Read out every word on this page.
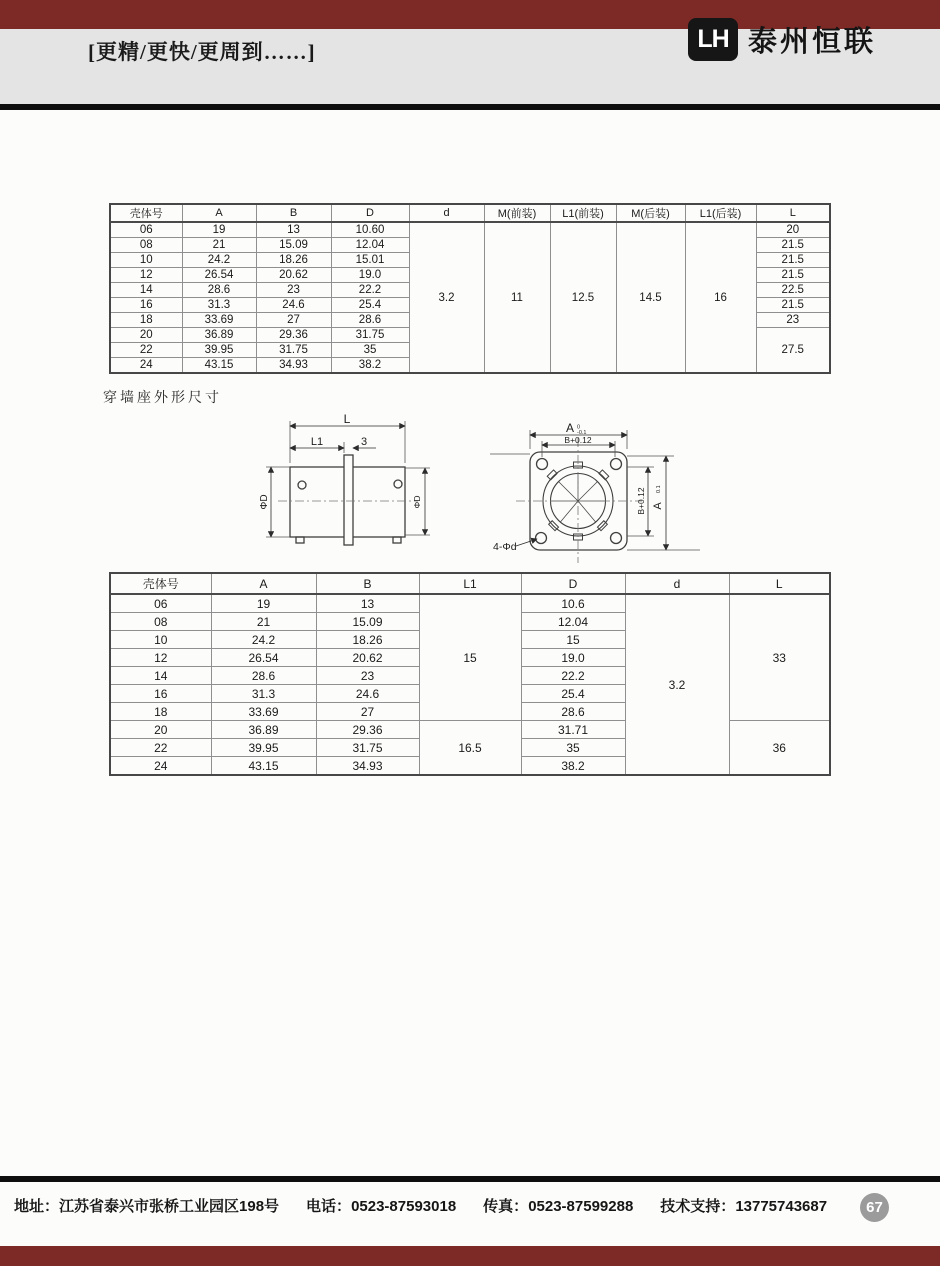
[更精/更快/更周到……]	LH 泰州恒联
壳体号	A	B	D	d	M(前装)	L1(前装)	M(后装)	L1(后装)	L
06	19	13	10.60	3.2	11	12.5	14.5	16	20
08	21	15.09	12.04						21.5
10	24.2	18.26	15.01						21.5
12	26.54	20.62	19.0						21.5
14	28.6	23	22.2						22.5
16	31.3	24.6	25.4						21.5
18	33.69	27	28.6						23
20	36.89	29.36	31.75						27.5
22	39.95	31.75	35						
24	43.15	34.93	38.2						
穿墙座外形尺寸
L
L1	3
ΦD	ΦD
A 0
-0.1
B+0.12
B+0.12 A
0.1
4-Φd
壳体号	A	B	L1	D	d	L
06	19	13	15	10.6	3.2	33
08	21	15.09		12.04		
10	24.2	18.26		15		
12	26.54	20.62		19.0		
14	28.6	23		22.2		
16	31.3	24.6		25.4		
18	33.69	27		28.6		
20	36.89	29.36	16.5	31.71		36
22	39.95	31.75		35		
24	43.15	34.93		38.2		
地址：江苏省泰兴市张桥工业园区198号 电话：0523-87593018 传真：0523-87599288 技术支持：13775743687	67
